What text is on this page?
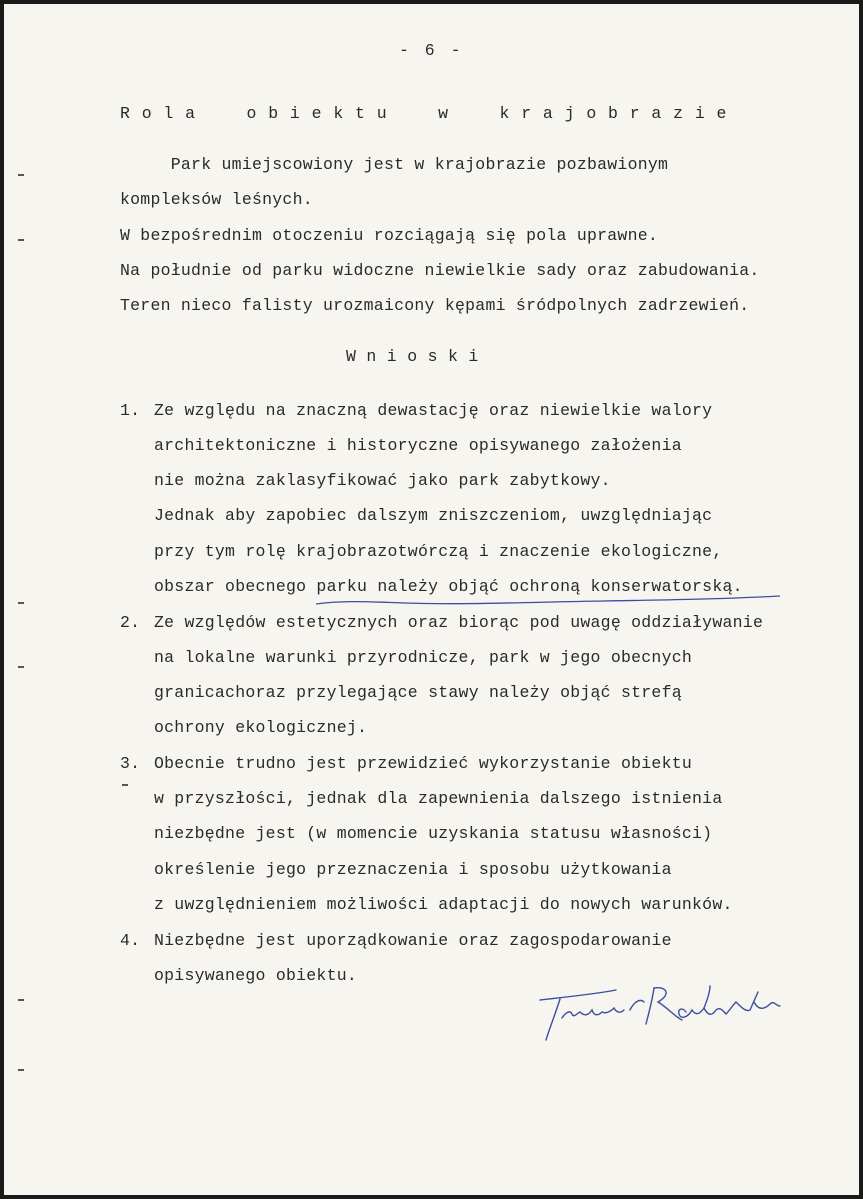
- 6 -
Rola obiektu w krajobrazie
Park umiejscowiony jest w krajobrazie pozbawionym
kompleksów leśnych.
W bezpośrednim otoczeniu rozciągają się pola uprawne.
Na południe od parku widoczne niewielkie sady oraz zabudowania.
Teren nieco falisty urozmaicony kępami śródpolnych zadrzewień.
Wnioski
1. Ze względu na znaczną dewastację oraz niewielkie walory
architektoniczne i historyczne opisywanego założenia
nie można zaklasyfikować jako park zabytkowy.
Jednak aby zapobiec dalszym zniszczeniom, uwzględniając
przy tym rolę krajobrazotwórczą i znaczenie ekologiczne,
obszar obecnego parku należy objąć ochroną konserwatorską.
2. Ze względów estetycznych oraz biorąc pod uwagę oddziaływanie
na lokalne warunki przyrodnicze, park w jego obecnych
granicachoraz przylegające stawy należy objąć strefą
ochrony ekologicznej.
3. Obecnie trudno jest przewidzieć wykorzystanie obiektu
w przyszłości, jednak dla zapewnienia dalszego istnienia
niezbędne jest (w momencie uzyskania statusu własności)
określenie jego przeznaczenia i sposobu użytkowania
z uwzględnieniem możliwości adaptacji do nowych warunków.
4. Niezbędne jest uporządkowanie oraz zagospodarowanie
opisywanego obiektu.
